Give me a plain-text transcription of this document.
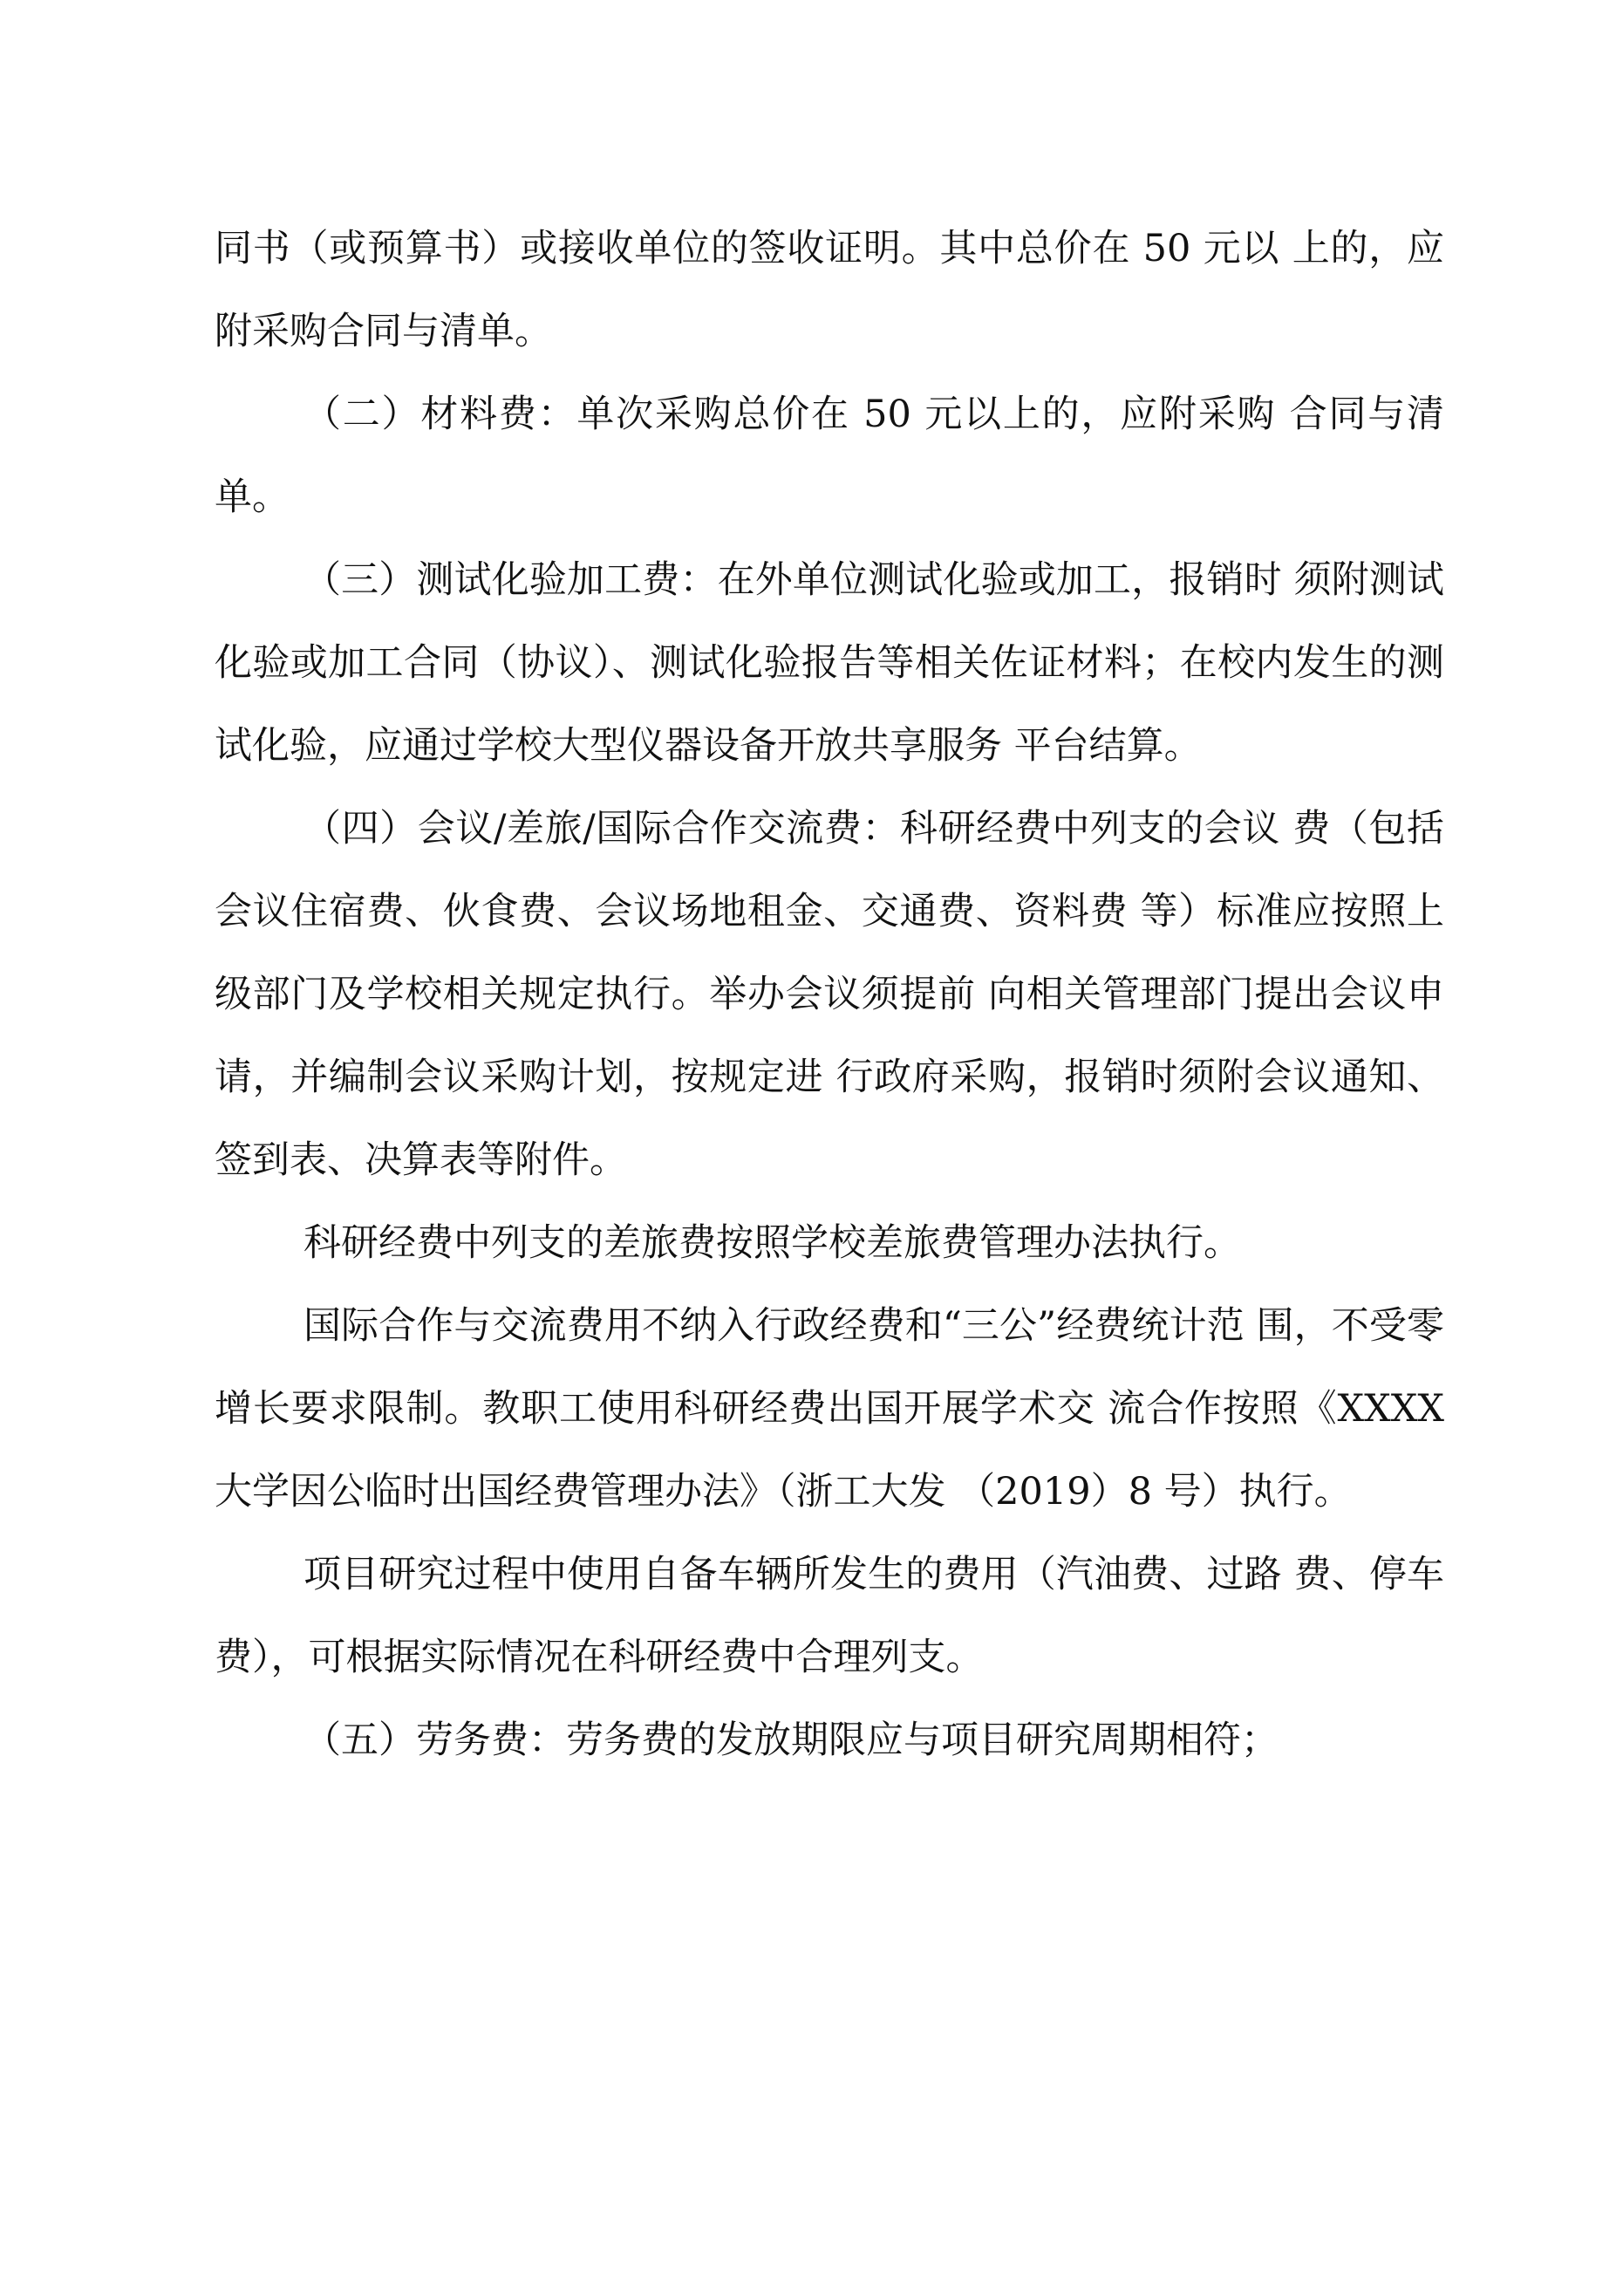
同书（或预算书）或接收单位的签收证明。其中总价在 50 元以 上的，应附采购合同与清单。

（二）材料费：单次采购总价在 50 元以上的，应附采购 合同与清单。

（三）测试化验加工费：在外单位测试化验或加工，报销时 须附测试化验或加工合同（协议）、测试化验报告等相关佐证材料；在校内发生的测试化验，应通过学校大型仪器设备开放共享服务 平台结算。

（四）会议/差旅/国际合作交流费：科研经费中列支的会议 费（包括会议住宿费、伙食费、会议场地租金、交通费、资料费 等）标准应按照上级部门及学校相关规定执行。举办会议须提前 向相关管理部门提出会议申请，并编制会议采购计划，按规定进 行政府采购，报销时须附会议通知、签到表、决算表等附件。

科研经费中列支的差旅费按照学校差旅费管理办法执行。

国际合作与交流费用不纳入行政经费和“三公”经费统计范 围，不受零增长要求限制。教职工使用科研经费出国开展学术交 流合作按照《XXXX 大学因公临时出国经费管理办法》（浙工大发 （2019）8 号）执行。

项目研究过程中使用自备车辆所发生的费用（汽油费、过路 费、停车费），可根据实际情况在科研经费中合理列支。

（五）劳务费：劳务费的发放期限应与项目研究周期相符；
